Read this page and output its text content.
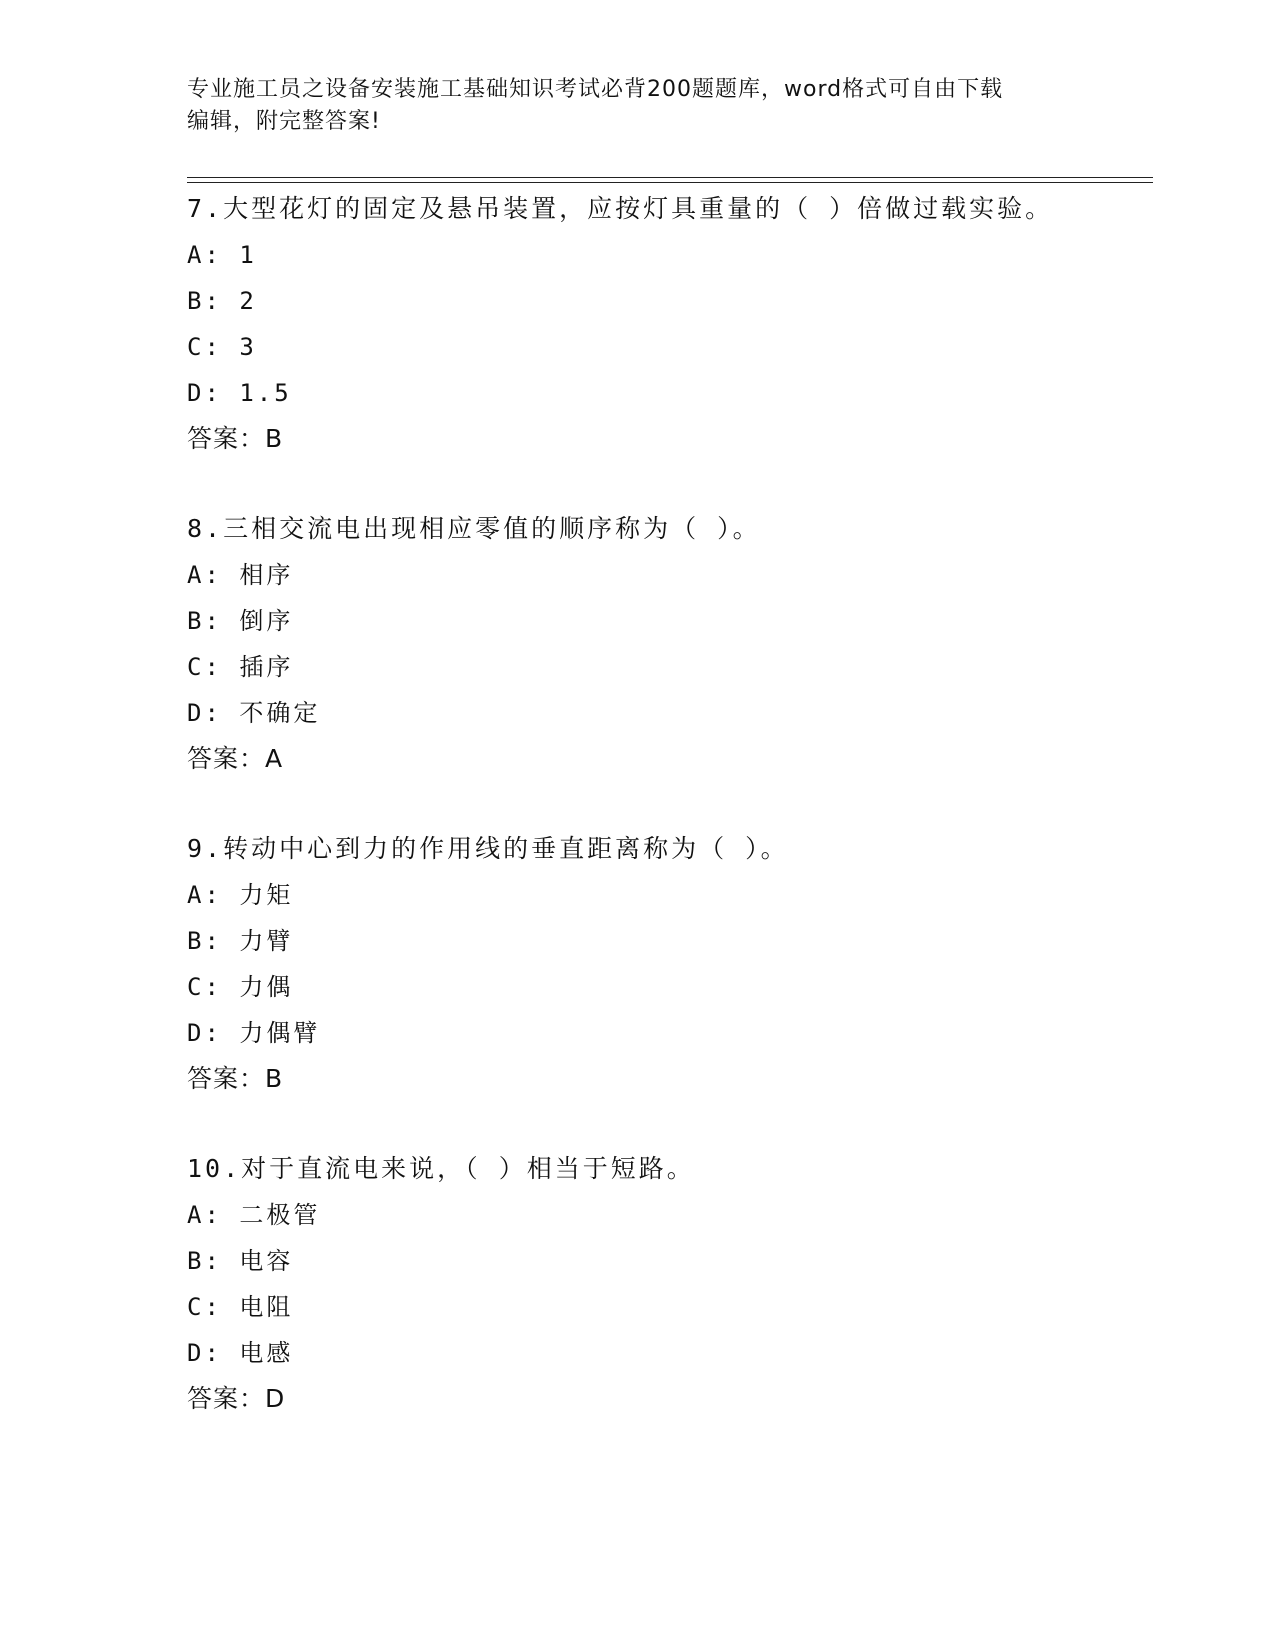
专业施工员之设备安装施工基础知识考试必背200题题库，word格式可自由下载
编辑，附完整答案!
7.大型花灯的固定及悬吊装置，应按灯具重量的（ ）倍做过载实验。
A: 1
B: 2
C: 3
D: 1.5
答案：B
8.三相交流电出现相应零值的顺序称为（ ）。
A: 相序
B: 倒序
C: 插序
D: 不确定
答案：A
9.转动中心到力的作用线的垂直距离称为（ ）。
A: 力矩
B: 力臂
C: 力偶
D: 力偶臂
答案：B
10.对于直流电来说，（ ）相当于短路。
A: 二极管
B: 电容
C: 电阻
D: 电感
答案：D
